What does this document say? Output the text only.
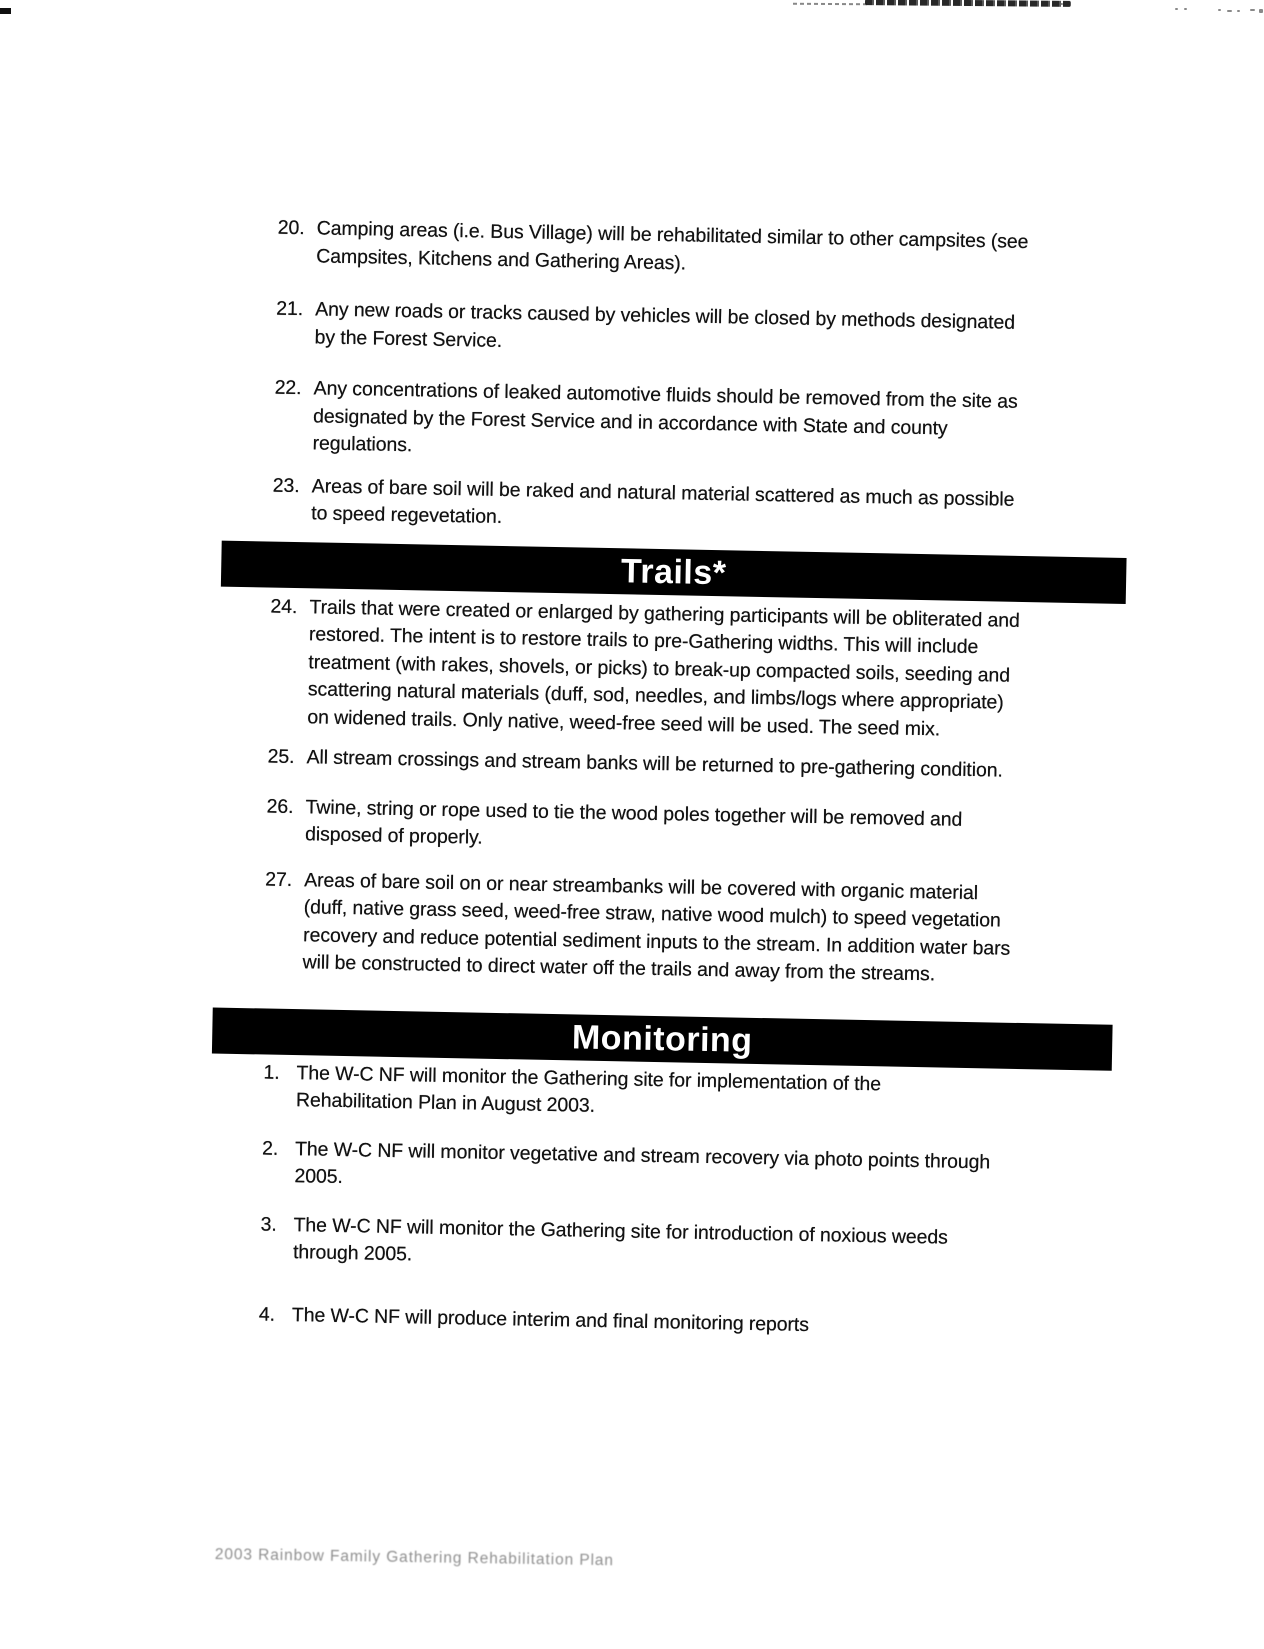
20. Camping areas (i.e. Bus Village) will be rehabilitated similar to other campsites (see Campsites, Kitchens and Gathering Areas).
21. Any new roads or tracks caused by vehicles will be closed by methods designated by the Forest Service.
22. Any concentrations of leaked automotive fluids should be removed from the site as designated by the Forest Service and in accordance with State and county regulations.
23. Areas of bare soil will be raked and natural material scattered as much as possible to speed regevetation.
Trails*
24. Trails that were created or enlarged by gathering participants will be obliterated and restored. The intent is to restore trails to pre-Gathering widths. This will include treatment (with rakes, shovels, or picks) to break-up compacted soils, seeding and scattering natural materials (duff, sod, needles, and limbs/logs where appropriate) on widened trails. Only native, weed-free seed will be used. The seed mix.
25. All stream crossings and stream banks will be returned to pre-gathering condition.
26. Twine, string or rope used to tie the wood poles together will be removed and disposed of properly.
27. Areas of bare soil on or near streambanks will be covered with organic material (duff, native grass seed, weed-free straw, native wood mulch) to speed vegetation recovery and reduce potential sediment inputs to the stream. In addition water bars will be constructed to direct water off the trails and away from the streams.
Monitoring
1. The W-C NF will monitor the Gathering site for implementation of the Rehabilitation Plan in August 2003.
2. The W-C NF will monitor vegetative and stream recovery via photo points through 2005.
3. The W-C NF will monitor the Gathering site for introduction of noxious weeds through 2005.
4. The W-C NF will produce interim and final monitoring reports
2003 Rainbow Family Gathering Rehabilitation Plan
